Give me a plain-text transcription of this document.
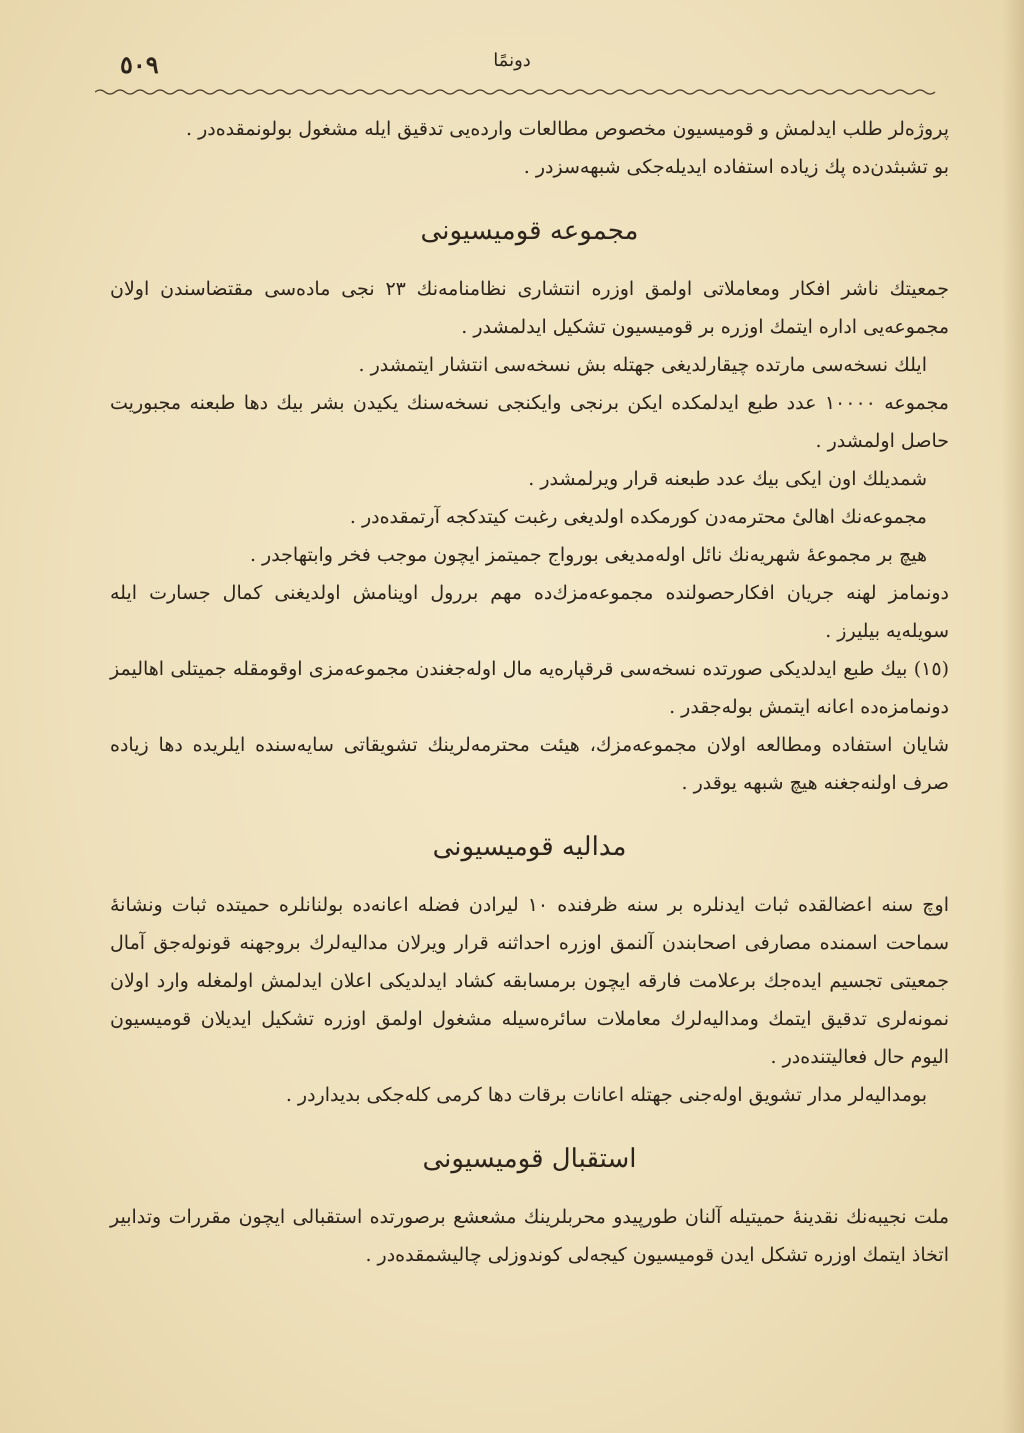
٥٠٩	دونمًا

پروژه‌لر طلب ایدلمش و قومیسیون مخصوص مطالعات وارده‌یی تدقیق ایله مشغول بولونمقده‌در .

بو تشبثدن‌ده پك زیاده استفاده ایدیله‌جكی شبهه‌سزدر .

مجموعه قومیسیونی

جمعیتك ناشر افکار ومعاملاتی اولمق اوزره انتشاری نظامنامه‌نك ۲۳ نجی ماده‌سی مقتضاسندن اولان مجموعه‌یی اداره ایتمك اوزره بر قومیسیون تشکیل ایدلمشدر .

ایلك نسخه‌سی مارتده چیقارلدیغی جهتله بش نسخه‌سی انتشار ایتمشدر .

مجموعه ۱۰۰۰۰ عدد طبع ایدلمکده ایکن برنجی وایکنجی نسخه‌سنك یکیدن بشر بیك دها طبعنه مجبوریت حاصل اولمشدر .

شمدیلك اون ایکی بیك عدد طبعنه قرار ویرلمشدر .

مجموعه‌نك اهالیٔ محترمه‌دن کورمکده اولدیغی رغبت کیتدکجه آرتمقده‌در .

هیچ بر مجموعهٔ شهریه‌نك نائل اوله‌مدیغی بورواج جمیتمز ایچون موجب فخر وابتهاجدر .

دونمامز لهنه جریان افکارحصولنده مجموعه‌مزك‌ده مهم بررول اوینامش اولدیغنی کمال جسارت ایله سویله‌یه بیلیرز .

(۱٥) بیك طبع ایدلدیکی صورتده نسخه‌سی قرقپاره‌یه مال اوله‌جغندن مجموعه‌مزی اوقومقله جمیتلی اهالیمز دونمامزه‌ده اعانه ایتمش بوله‌جقدر .

شایان استفاده ومطالعه اولان مجموعه‌مزك، هیئت محترمه‌لرینك تشویقاتی سایه‌سنده ایلریده دها زیاده صرف اولنه‌جغنه هیچ شبهه یوقدر .

مداليه قومیسیونی

اوچ سنه اعضالقده ثبات ایدنلره بر سنه ظرفنده ۱۰ لیرادن فضله اعانه‌ده بولنانلره حمیتده ثبات ونشانهٔ سماحت اسمنده مصارفی اصحابندن آلنمق اوزره احداثنه قرار ویرلان مدالیه‌لرك بروجهنه قونوله‌جق آمال جمعیتی تجسیم ایده‌جك برعلامت فارقه ایچون برمسابقه کشاد ایدلدیکی اعلان ایدلمش اولمغله وارد اولان نمونه‌لری تدقیق ایتمك ومدالیه‌لرك معاملات سائره‌سیله مشغول اولمق اوزره تشکیل ایدیلان قومیسیون الیوم حال فعالیتنده‌در .

بومدالیه‌لر مدار تشویق اوله‌جنی جهتله اعانات برقات دها کرمی کله‌جکی بدیداردر .

استقبال قومیسیونی

ملت نجیبه‌نك نقدینهٔ حمیتیله آلنان طورپیدو محربلرینك مشعشع برصورتده استقبالی ایچون مقررات وتدابیر اتخاذ ایتمك اوزره تشکل ایدن قومیسیون کیجه‌لی کوندوزلی چالیشمقده‌در .
